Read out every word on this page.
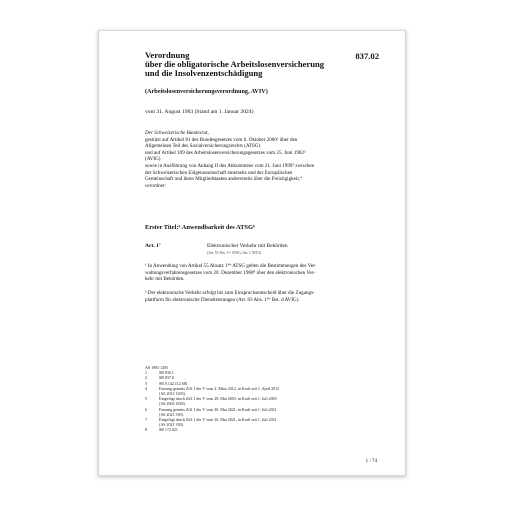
837.02
Verordnung
über die obligatorische Arbeitslosenversicherung
und die Insolvenzentschädigung
(Arbeitslosenversicherungsverordnung, AVIV)
vom 31. August 1983 (Stand am 1. Januar 2024)
Der Schweizerische Bundesrat,
gestützt auf Artikel 81 des Bundesgesetzes vom 6. Oktober 2000¹ über den
Allgemeinen Teil des Sozialversicherungsrechts (ATSG)
und auf Artikel 109 des Arbeitslosenversicherungsgesetzes vom 25. Juni 1982²
(AVIG)
sowie in Ausführung von Anhang II des Abkommens vom 21. Juni 1999³ zwischen
der Schweizerischen Eidgenossenschaft einerseits und der Europäischen
Gemeinschaft und ihren Mitgliedstaaten andererseits über die Freizügigkeit,⁴
verordnet:
Erster Titel:⁵ Anwendbarkeit des ATSG⁶
Art. 1⁷	Elektronischer Verkehr mit Behörden
(Art. 55 Abs. 1ᵇⁱˢ ATSG; Art. 1 AVIG)
¹ In Anwendung von Artikel 55 Absatz 1ᵇⁱˢ ATSG gelten die Bestimmungen des Ver-
waltungsverfahrensgesetzes vom 20. Dezember 1968⁸ über den elektronischen Ver-
kehr mit Behörden.
² Der elektronische Verkehr erfolgt bis zum Einspruchsentscheid über die Zugangs-
plattform für elektronische Dienstleistungen (Art. 83 Abs. 1ᵇⁱˢ Bst. d AVIG).
AS 1983 1205
1	SR 830.1
2	SR 837.0
3	SR 0.142.112.681
4	Fassung gemäss Ziff. I der V vom 2. März 2012, in Kraft seit 1. April 2012
(AS 2012 1203).
5	Eingefügt durch Ziff. I der V vom 28. Mai 2003, in Kraft seit 1. Juli 2003
(AS 2003 1828).
6	Fassung gemäss Ziff. I der V vom 26. Mai 2021, in Kraft seit 1. Juli 2021
(AS 2021 339).
7	Eingefügt durch Ziff. I der V vom 26. Mai 2021, in Kraft seit 1. Juli 2021
(AS 2021 339).
8	SR 172.021
1 / 74
